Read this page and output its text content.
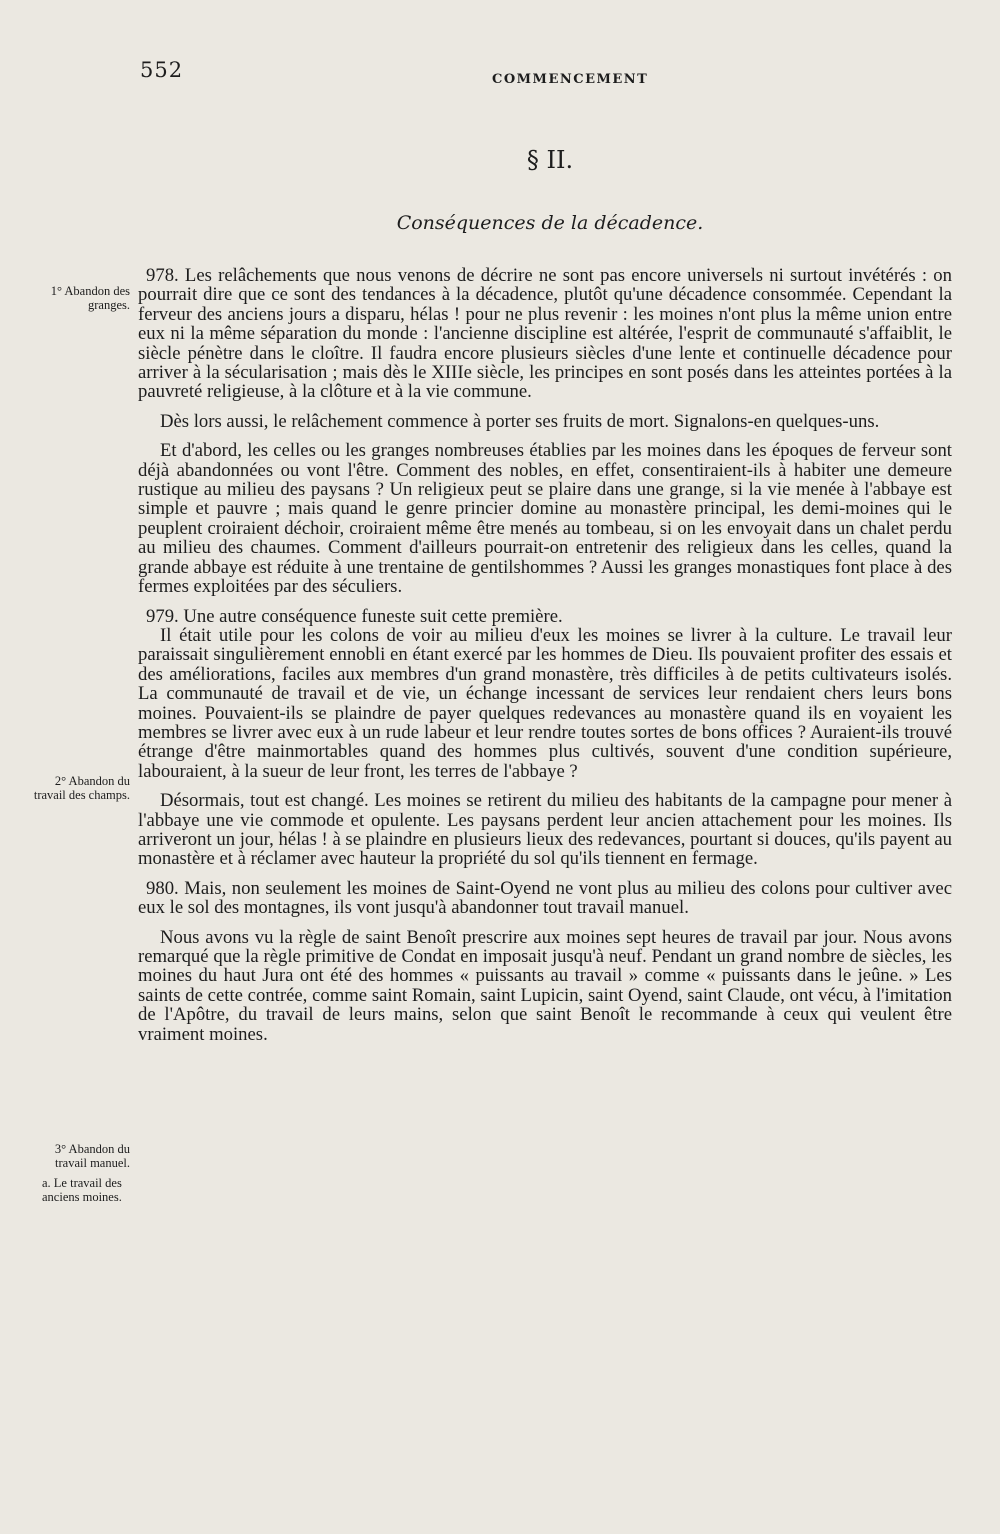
552	COMMENCEMENT
§ II.
Conséquences de la décadence.
1° Abandon des granges.
2° Abandon du travail des champs.
3° Abandon du travail manuel.
a. Le travail des anciens moines.

978. Les relâchements que nous venons de décrire ne sont pas encore universels ni surtout invétérés : on pourrait dire que ce sont des tendances à la décadence, plutôt qu'une décadence consommée. Cependant la ferveur des anciens jours a disparu, hélas ! pour ne plus revenir : les moines n'ont plus la même union entre eux ni la même séparation du monde : l'ancienne discipline est altérée, l'esprit de communauté s'affaiblit, le siècle pénètre dans le cloître. Il faudra encore plusieurs siècles d'une lente et continuelle décadence pour arriver à la sécularisation ; mais dès le XIIIe siècle, les principes en sont posés dans les atteintes portées à la pauvreté religieuse, à la clôture et à la vie commune.

Dès lors aussi, le relâchement commence à porter ses fruits de mort. Signalons-en quelques-uns.

Et d'abord, les celles ou les granges nombreuses établies par les moines dans les époques de ferveur sont déjà abandonnées ou vont l'être. Comment des nobles, en effet, consentiraient-ils à habiter une demeure rustique au milieu des paysans ? Un religieux peut se plaire dans une grange, si la vie menée à l'abbaye est simple et pauvre ; mais quand le genre princier domine au monastère principal, les demi-moines qui le peuplent croiraient déchoir, croiraient même être menés au tombeau, si on les envoyait dans un chalet perdu au milieu des chaumes. Comment d'ailleurs pourrait-on entretenir des religieux dans les celles, quand la grande abbaye est réduite à une trentaine de gentilshommes ? Aussi les granges monastiques font place à des fermes exploitées par des séculiers.

979. Une autre conséquence funeste suit cette première.

Il était utile pour les colons de voir au milieu d'eux les moines se livrer à la culture. Le travail leur paraissait singulièrement ennobli en étant exercé par les hommes de Dieu. Ils pouvaient profiter des essais et des améliorations, faciles aux membres d'un grand monastère, très difficiles à de petits cultivateurs isolés. La communauté de travail et de vie, un échange incessant de services leur rendaient chers leurs bons moines. Pouvaient-ils se plaindre de payer quelques redevances au monastère quand ils en voyaient les membres se livrer avec eux à un rude labeur et leur rendre toutes sortes de bons offices ? Auraient-ils trouvé étrange d'être mainmortables quand des hommes plus cultivés, souvent d'une condition supérieure, labouraient, à la sueur de leur front, les terres de l'abbaye ?

Désormais, tout est changé. Les moines se retirent du milieu des habitants de la campagne pour mener à l'abbaye une vie commode et opulente. Les paysans perdent leur ancien attachement pour les moines. Ils arriveront un jour, hélas ! à se plaindre en plusieurs lieux des redevances, pourtant si douces, qu'ils payent au monastère et à réclamer avec hauteur la propriété du sol qu'ils tiennent en fermage.

980. Mais, non seulement les moines de Saint-Oyend ne vont plus au milieu des colons pour cultiver avec eux le sol des montagnes, ils vont jusqu'à abandonner tout travail manuel.

Nous avons vu la règle de saint Benoît prescrire aux moines sept heures de travail par jour. Nous avons remarqué que la règle primitive de Condat en imposait jusqu'à neuf. Pendant un grand nombre de siècles, les moines du haut Jura ont été des hommes « puissants au travail » comme « puissants dans le jeûne. » Les saints de cette contrée, comme saint Romain, saint Lupicin, saint Oyend, saint Claude, ont vécu, à l'imitation de l'Apôtre, du travail de leurs mains, selon que saint Benoît le recommande à ceux qui veulent être vraiment moines.
